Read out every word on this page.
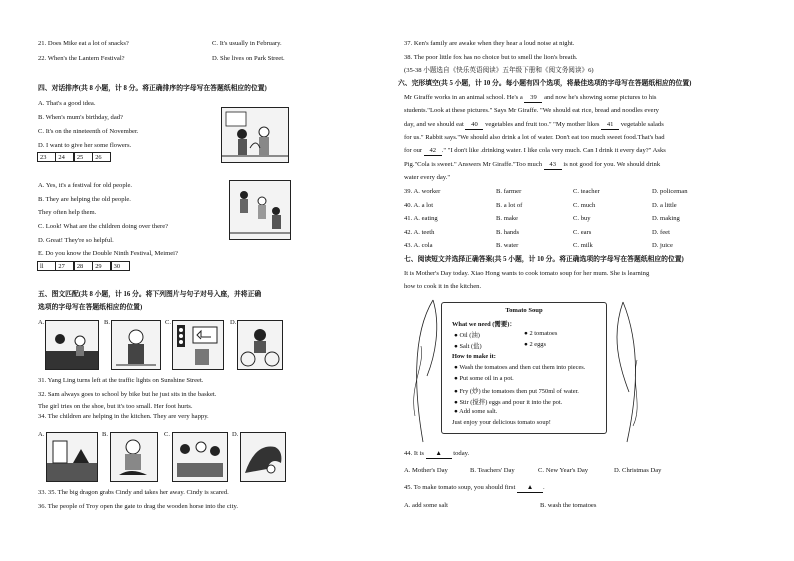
21. Does Mike eat a lot of snacks?	C. It's usually in February.
22. When's the Lantern Festival?	D. She lives on Park Street.
四、对话排序(共 8 小题，计 8 分。将正确排序的字母写在答题纸相应的位置)
A. That's a good idea.
B. When's mum's birthday, dad?
C. It's on the nineteenth of November.
D. I want to give her some flowers.
23	24	25	26
A. Yes, it's a festival for old people.
B. They are helping the old people.
They often help them.
C. Look! What are the children doing over there?
D. Great! They're so helpful.
E. Do you know the Double Ninth Festival, Meimei?
ll	27	28	29	30
五、图文匹配(共 8 小题，计 16 分。将下列图片与句子对号入座，并将正确
选项的字母写在答题纸相应的位置)
A.	B.	C.	D.
31. Yang Ling turns left at the traffic lights on Sunshine Street.
32. Sam always goes to school by bike but he just sits in the basket.
The girl tries on the shoe, but it's too small. Her foot hurts.
34. The children are helping in the kitchen. They are very happy.
A.	B.	C.	D.
33. 35. The big dragon grabs Cindy and takes her away. Cindy is scared.
36. The people of Troy open the gate to drag the wooden horse into the city.
37. Ken's family are awake when they hear a loud noise at night.
38. The poor little fox has no choice but to smell the lion's breath.
(35-38 小题选自《快乐英语阅读》五年级下册和《阅文务阅读》6)
六、完形填空(共 5 小题，计 10 分。每小题有四个选项，将最佳选项的字母写在答题纸相应的位置)
Mr Giraffe works in an animal school. He's a 39 and now he's showing some pictures to his
students."Look at these pictures." Says Mr Giraffe. "We should eat rice, bread and noodles every
day, and we should eat 40 vegetables and fruit too." "My mother likes 41 vegetable salads
for us." Rabbit says."We should also drink a lot of water. Don't eat too much sweet food.That's bad
for our 42 ." "I don't like .drinking water. I like cola very much. Can I drink it every day?" Asks
Pig."Cola is sweet." Answers Mr Giraffe."Too much 43 is not good for you. We should drink
water every day."
39. A. worker	B. farmer	C. teacher	D. policeman
40. A. a lot	B. a lot of	C. much	D. a little
41. A. eating	B. make	C. buy	D. making
42. A. teeth	B. hands	C. ears	D. feet
43. A. cola	B. water	C. milk	D. juice
七、阅读短文并选择正确答案(共 5 小题，计 10 分。将正确选项的字母写在答题纸相应的位置)
It is Mother's Day today. Xiao Hong wants to cook tomato soup for her mum. She is learning
how to cook it in the kitchen.
Tomato Soup
What we need (需要)：
● Oil (油)	● 2 tomatoes
● Salt (盐)	● 2 eggs
How to make it:
● Wash the tomatoes and then cut them into pieces.
● Put some oil in a pot.
● Fry (炒) the tomatoes then put 750ml of water.
● Stir (搅拌) eggs and pour it into the pot.
● Add some salt.
Just enjoy your delicious tomato soup!
44. It is ▲ today.
A. Mother's Day	B. Teachers' Day	C. New Year's Day	D. Christmas Day
45. To make tomato soup, you should first ▲ .
A. add some salt	B. wash the tomatoes
